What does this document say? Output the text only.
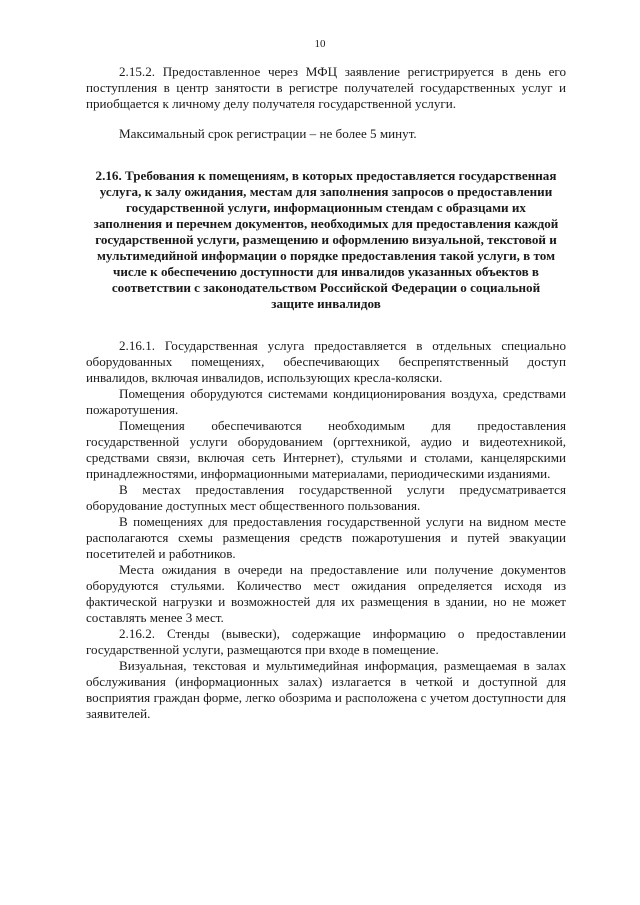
10

2.15.2. Предоставленное через МФЦ заявление регистрируется в день его поступления в центр занятости в регистре получателей государственных услуг и приобщается к личному делу получателя государственной услуги.

Максимальный срок регистрации – не более 5 минут.

2.16. Требования к помещениям, в которых предоставляется государственная услуга, к залу ожидания, местам для заполнения запросов о предоставлении государственной услуги, информационным стендам с образцами их заполнения и перечнем документов, необходимых для предоставления каждой государственной услуги, размещению и оформлению визуальной, текстовой и мультимедийной информации о порядке предоставления такой услуги, в том числе к обеспечению доступности для инвалидов указанных объектов в соответствии с законодательством Российской Федерации о социальной защите инвалидов

2.16.1. Государственная услуга предоставляется в отдельных специально оборудованных помещениях, обеспечивающих беспрепятственный доступ инвалидов, включая инвалидов, использующих кресла-коляски.

Помещения оборудуются системами кондиционирования воздуха, средствами пожаротушения.

Помещения обеспечиваются необходимым для предоставления государственной услуги оборудованием (оргтехникой, аудио и видеотехникой, средствами связи, включая сеть Интернет), стульями и столами, канцелярскими принадлежностями, информационными материалами, периодическими изданиями.

В местах предоставления государственной услуги предусматривается оборудование доступных мест общественного пользования.

В помещениях для предоставления государственной услуги на видном месте располагаются схемы размещения средств пожаротушения и путей эвакуации посетителей и работников.

Места ожидания в очереди на предоставление или получение документов оборудуются стульями. Количество мест ожидания определяется исходя из фактической нагрузки и возможностей для их размещения в здании, но не может составлять менее 3 мест.

2.16.2. Стенды (вывески), содержащие информацию о предоставлении государственной услуги, размещаются при входе в помещение.

Визуальная, текстовая и мультимедийная информация, размещаемая в залах обслуживания (информационных залах) излагается в четкой и доступной для восприятия граждан форме, легко обозрима и расположена с учетом доступности для заявителей.
